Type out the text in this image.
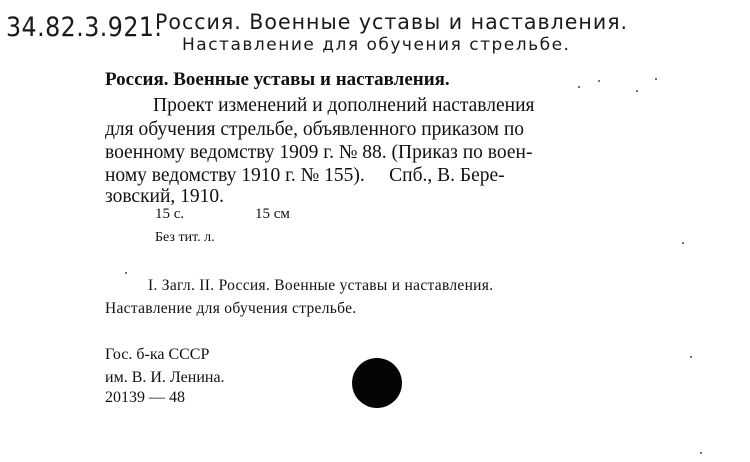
34.82.3.921.
Россия. Военные уставы и наставления.
Наставление для обучения стрельбе.
Россия. Военные уставы и наставления.
Проект изменений и дополнений наставления
для обучения стрельбе, объявленного приказом по
военному ведомству 1909 г. № 88. (Приказ по воен-
ному ведомству 1910 г. № 155).     Спб., В. Бере-
зовский, 1910.
15 с.	15 см
Без тит. л.
I. Загл. II. Россия. Военные уставы и наставления.
Наставление для обучения стрельбе.
Гос. б-ка СССР
им. В. И. Ленина.
20139 — 48
